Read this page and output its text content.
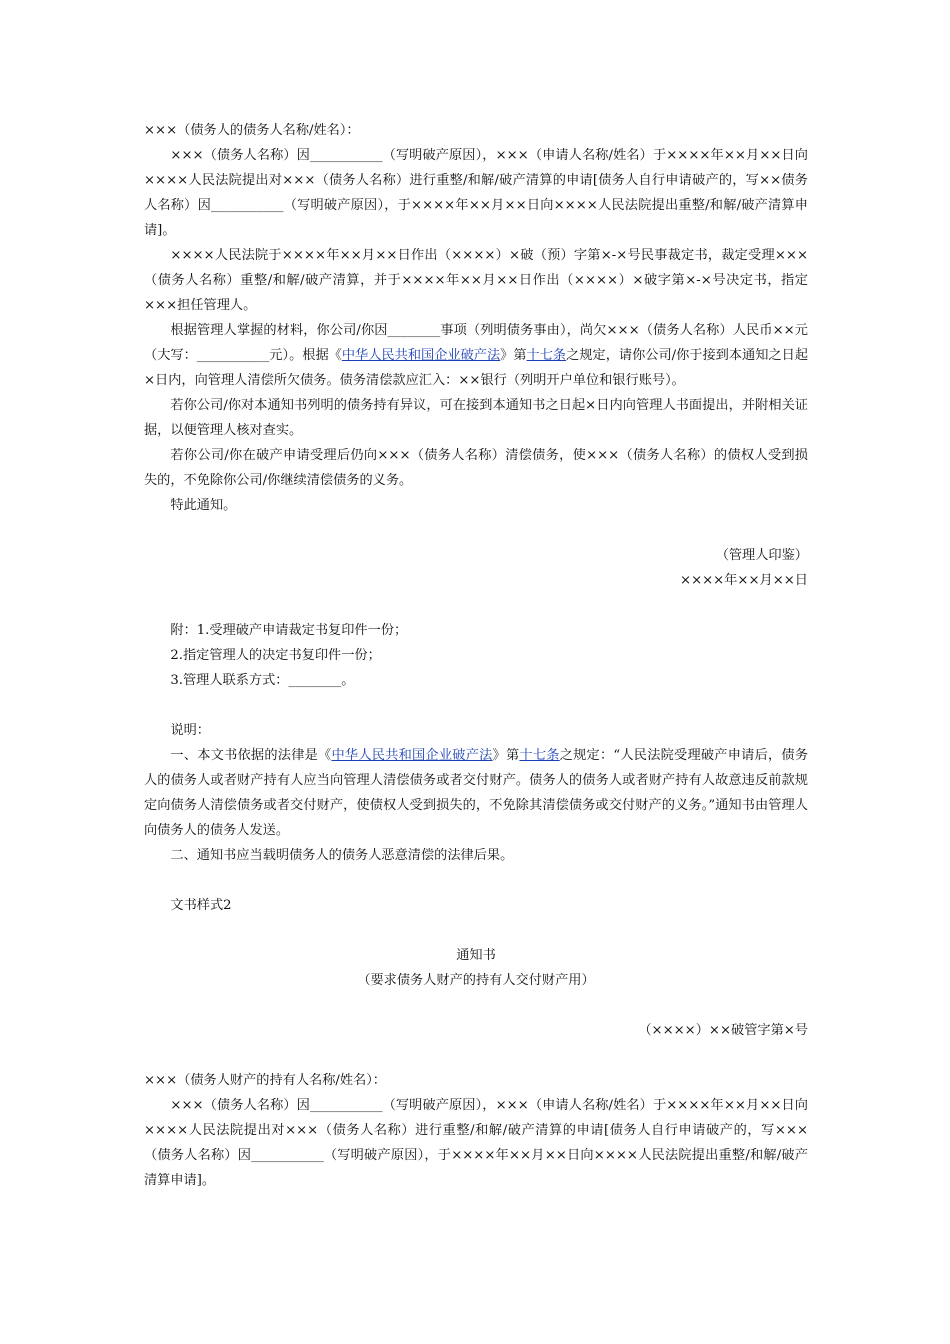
×××（债务人的债务人名称/姓名）：

×××（债务人名称）因___________（写明破产原因），×××（申请人名称/姓名）于××××年××月××日向××××人民法院提出对×××（债务人名称）进行重整/和解/破产清算的申请[债务人自行申请破产的，写××债务人名称）因___________（写明破产原因），于××××年××月××日向××××人民法院提出重整/和解/破产清算申请]。

××××人民法院于××××年××月××日作出（××××）×破（预）字第×-×号民事裁定书，裁定受理×××（债务人名称）重整/和解/破产清算，并于××××年××月××日作出（××××）×破字第×-×号决定书，指定×××担任管理人。

根据管理人掌握的材料，你公司/你因________事项（列明债务事由），尚欠×××（债务人名称）人民币××元（大写：___________元）。根据《中华人民共和国企业破产法》第十七条之规定，请你公司/你于接到本通知之日起×日内，向管理人清偿所欠债务。债务清偿款应汇入：××银行（列明开户单位和银行账号）。

若你公司/你对本通知书列明的债务持有异议，可在接到本通知书之日起×日内向管理人书面提出，并附相关证据，以便管理人核对查实。

若你公司/你在破产申请受理后仍向×××（债务人名称）清偿债务，使×××（债务人名称）的债权人受到损失的，不免除你公司/你继续清偿债务的义务。

特此通知。

（管理人印鉴）

××××年××月××日

附：1.受理破产申请裁定书复印件一份；

2.指定管理人的决定书复印件一份；

3.管理人联系方式：________。

说明：

一、本文书依据的法律是《中华人民共和国企业破产法》第十七条之规定：“人民法院受理破产申请后，债务人的债务人或者财产持有人应当向管理人清偿债务或者交付财产。债务人的债务人或者财产持有人故意违反前款规定向债务人清偿债务或者交付财产，使债权人受到损失的，不免除其清偿债务或交付财产的义务。”通知书由管理人向债务人的债务人发送。

二、通知书应当载明债务人的债务人恶意清偿的法律后果。

文书样式2

通知书

（要求债务人财产的持有人交付财产用）

（××××）××破管字第×号

×××（债务人财产的持有人名称/姓名）：

×××（债务人名称）因___________（写明破产原因），×××（申请人名称/姓名）于××××年××月××日向××××人民法院提出对×××（债务人名称）进行重整/和解/破产清算的申请[债务人自行申请破产的，写×××（债务人名称）因___________（写明破产原因），于××××年××月××日向××××人民法院提出重整/和解/破产清算申请]。
